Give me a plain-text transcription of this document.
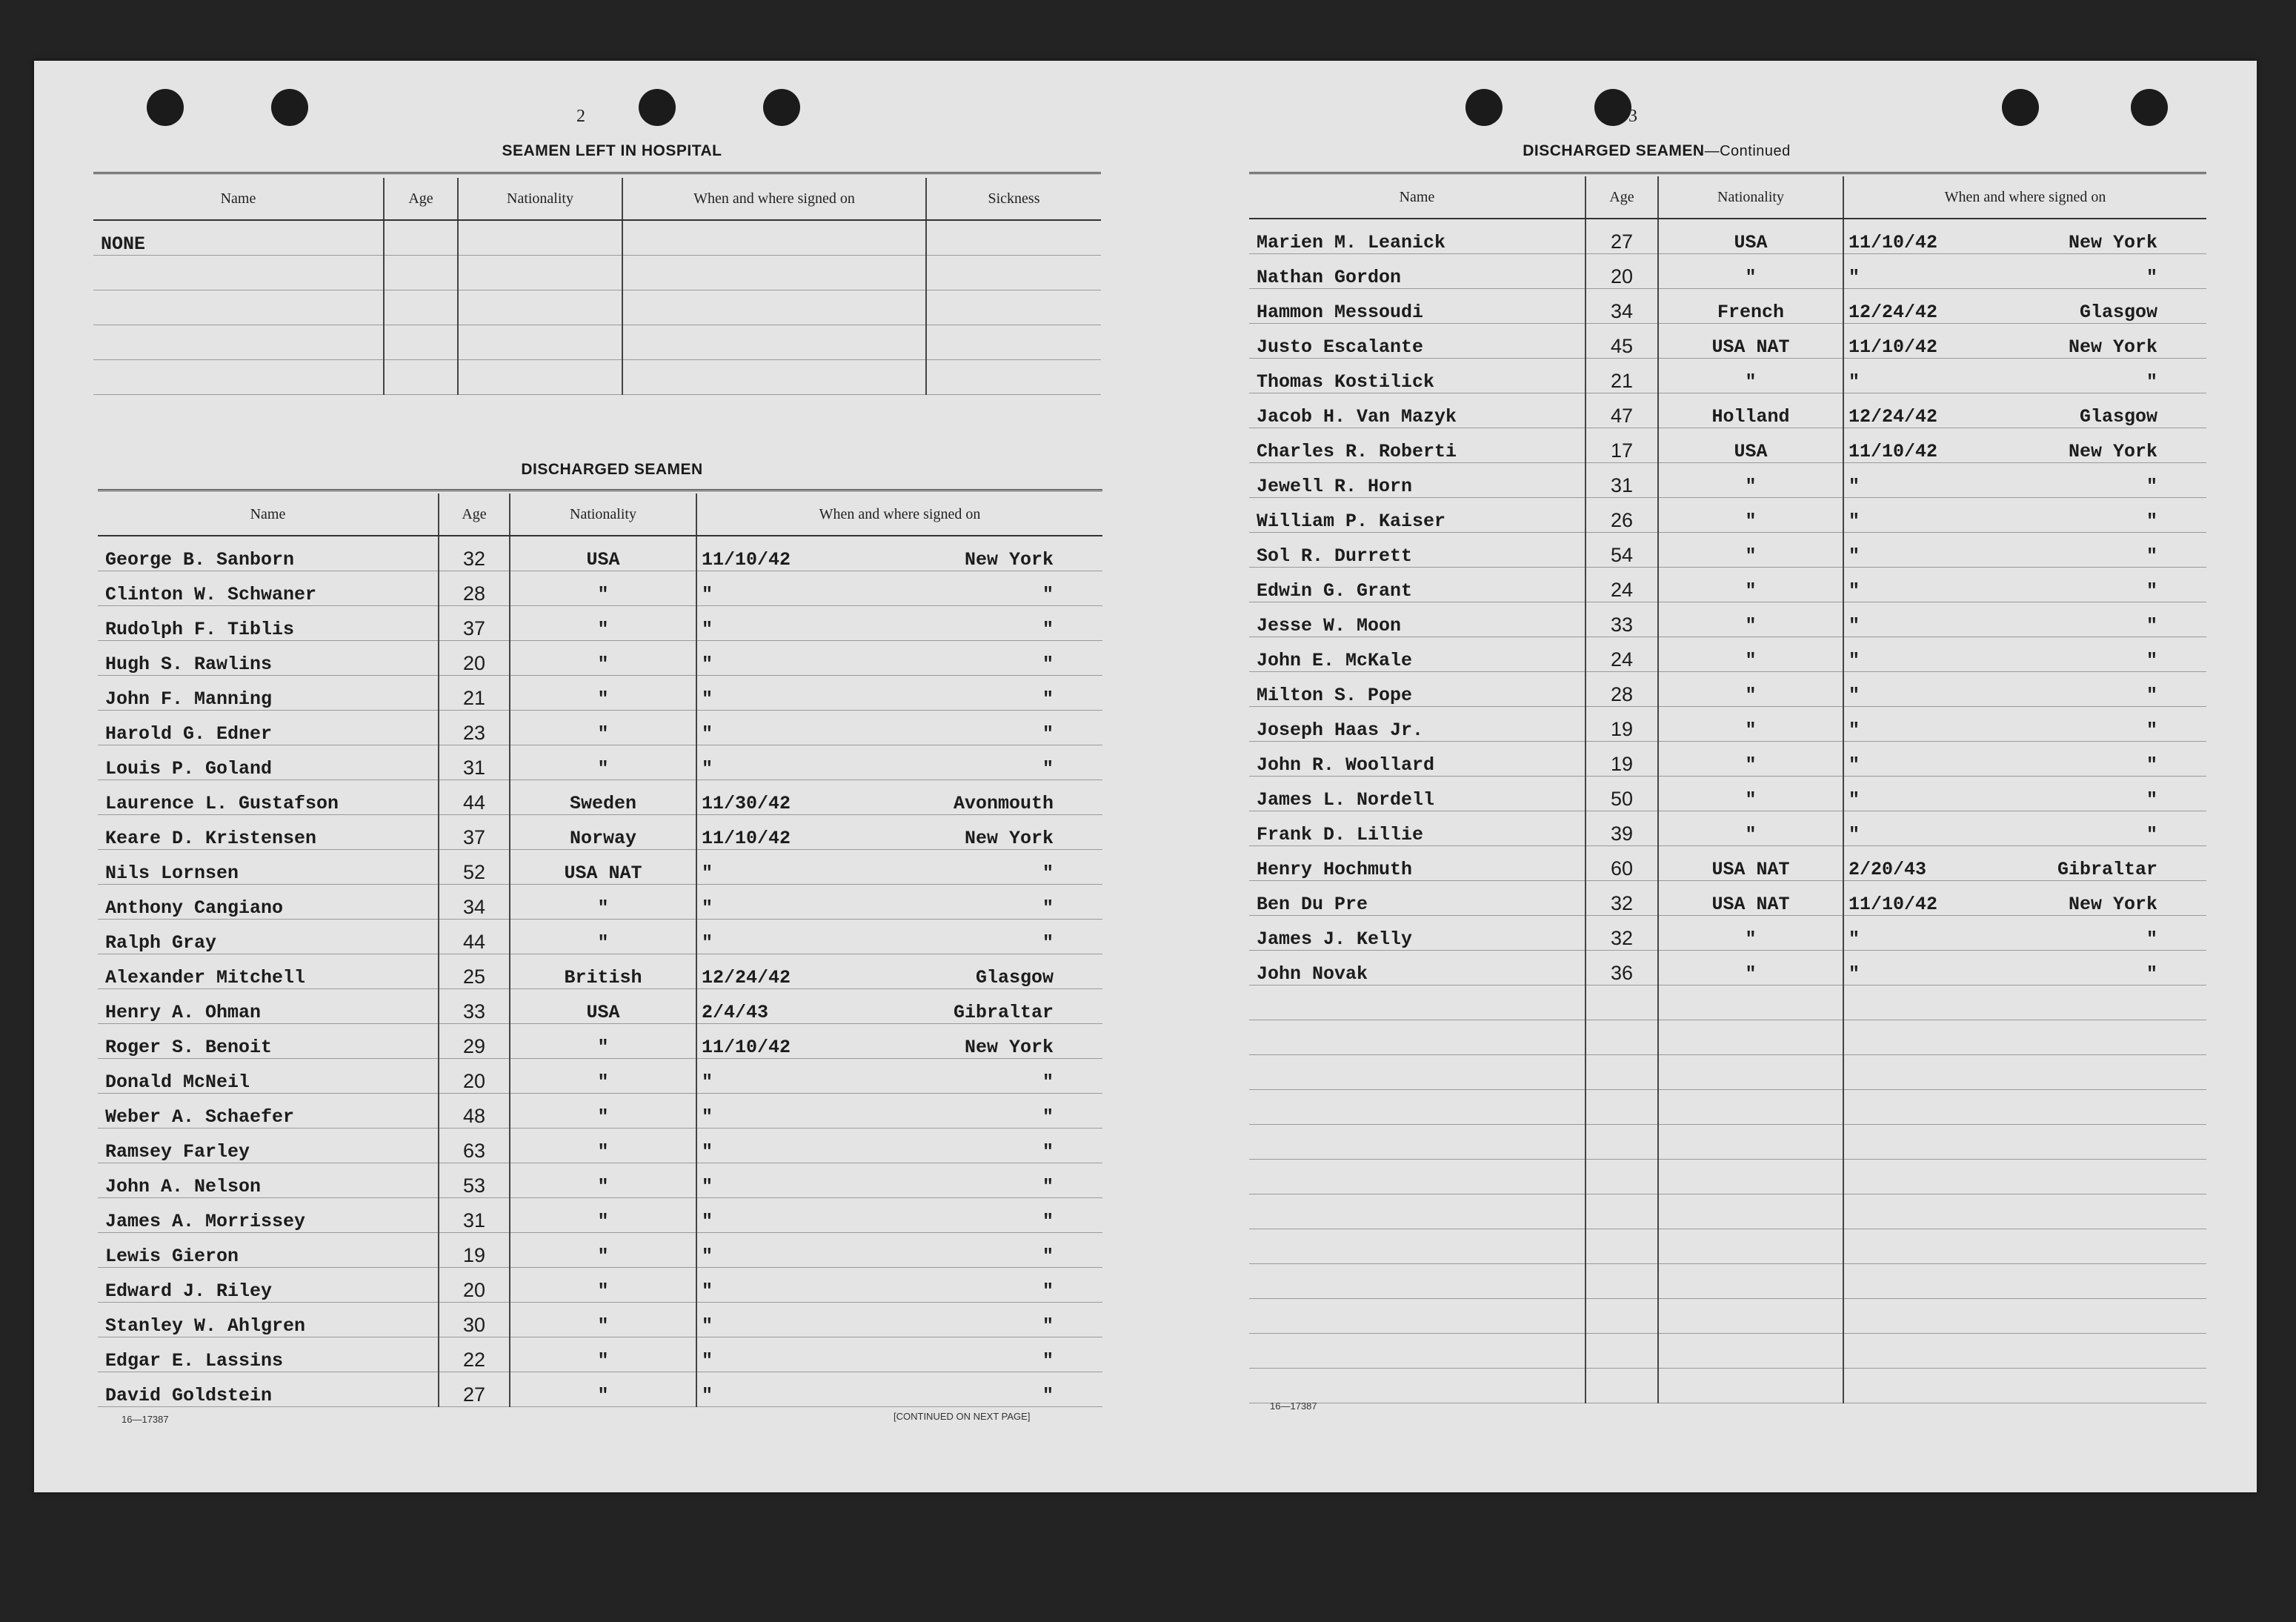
2
SEAMEN LEFT IN HOSPITAL
Name	Age	Nationality	When and where signed on	Sickness
NONE				

DISCHARGED SEAMEN
Name	Age	Nationality	When and where signed on
George B. Sanborn	32	USA	11/10/42 New York

Clinton W. Schwaner	28	"	" "

Rudolph F. Tiblis	37	"	" "

Hugh S. Rawlins	20	"	" "

John F. Manning	21	"	" "

Harold G. Edner	23	"	" "

Louis P. Goland	31	"	" "

Laurence L. Gustafson	44	Sweden	11/30/42 Avonmouth

Keare D. Kristensen	37	Norway	11/10/42 New York

Nils Lornsen	52	USA NAT	" "

Anthony Cangiano	34	"	" "

Ralph Gray	44	"	" "

Alexander Mitchell	25	British	12/24/42 Glasgow

Henry A. Ohman	33	USA	2/4/43 Gibraltar

Roger S. Benoit	29	"	11/10/42 New York

Donald McNeil	20	"	" "

Weber A. Schaefer	48	"	" "

Ramsey Farley	63	"	" "

John A. Nelson	53	"	" "

James A. Morrissey	31	"	" "

Lewis Gieron	19	"	" "

Edward J. Riley	20	"	" "

Stanley W. Ahlgren	30	"	" "

Edgar E. Lassins	22	"	" "

David Goldstein	27	"	" "
16—17387	[CONTINUED ON NEXT PAGE]
3
DISCHARGED SEAMEN—Continued
Name	Age	Nationality	When and where signed on
Marien M. Leanick	27	USA	11/10/42 New York

Nathan Gordon	20	"	" "

Hammon Messoudi	34	French	12/24/42 Glasgow

Justo Escalante	45	USA NAT	11/10/42 New York

Thomas Kostilick	21	"	" "

Jacob H. Van Mazyk	47	Holland	12/24/42 Glasgow

Charles R. Roberti	17	USA	11/10/42 New York

Jewell R. Horn	31	"	" "

William P. Kaiser	26	"	" "

Sol R. Durrett	54	"	" "

Edwin G. Grant	24	"	" "

Jesse W. Moon	33	"	" "

John E. McKale	24	"	" "

Milton S. Pope	28	"	" "

Joseph Haas Jr.	19	"	" "

John R. Woollard	19	"	" "

James L. Nordell	50	"	" "

Frank D. Lillie	39	"	" "

Henry Hochmuth	60	USA NAT	2/20/43 Gibraltar

Ben Du Pre	32	USA NAT	11/10/42 New York

James J. Kelly	32	"	" "

John Novak	36	"	" "

16—17387
